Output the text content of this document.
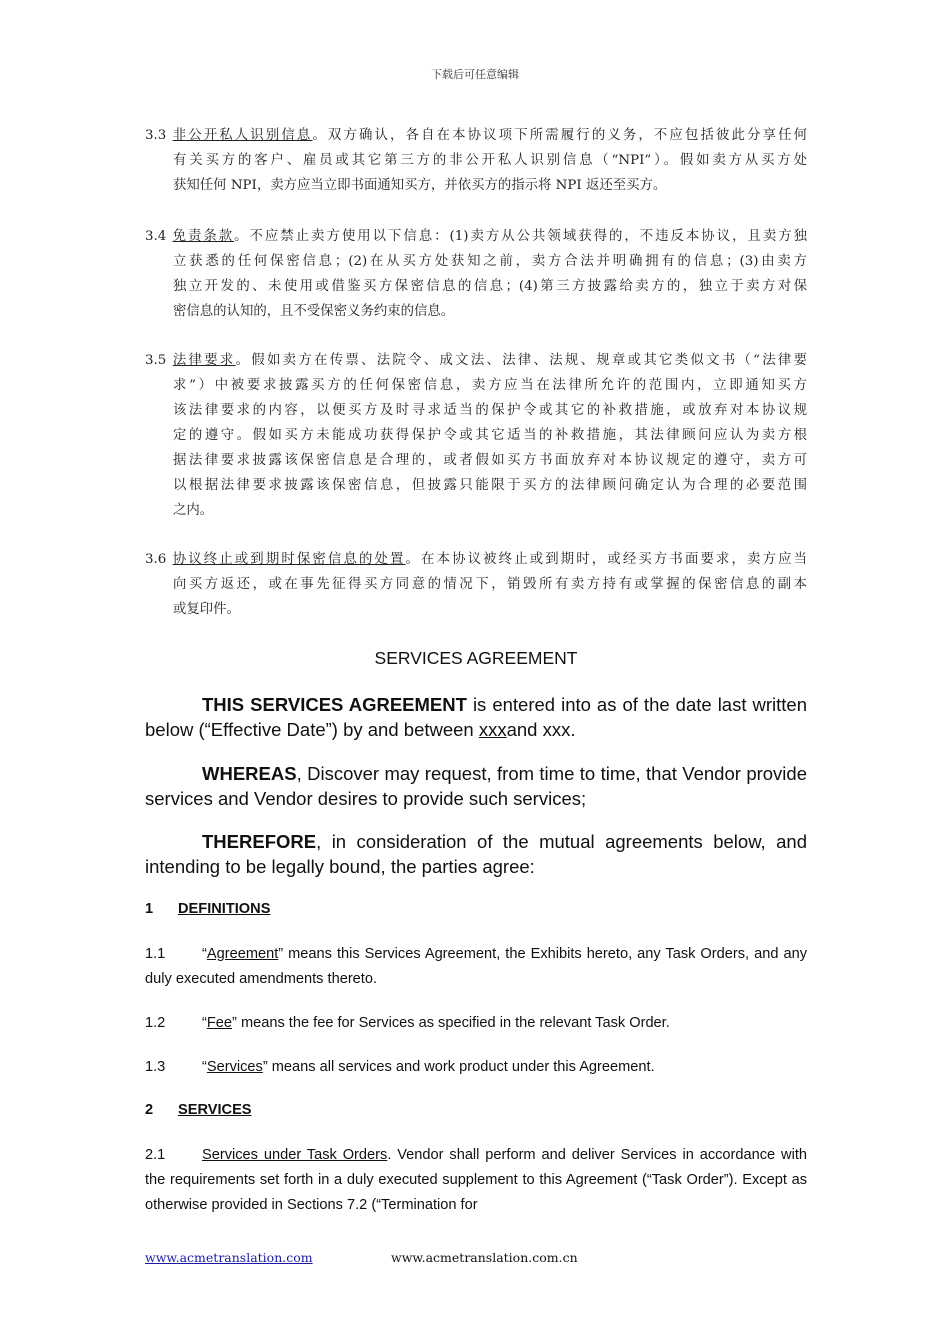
下载后可任意编辑
3.3 非公开私人识别信息。双方确认，各自在本协议项下所需履行的义务，不应包括彼此分享任何
有关买方的客户、雇员或其它第三方的非公开私人识别信息（“NPI”）。假如卖方从买方处
获知任何 NPI，卖方应当立即书面通知买方，并依买方的指示将 NPI 返还至买方。
3.4 免责条款。不应禁止卖方使用以下信息：(1)卖方从公共领域获得的，不违反本协议，且卖方独
立获悉的任何保密信息；(2)在从买方处获知之前，卖方合法并明确拥有的信息；(3)由卖方
独立开发的、未使用或借鉴买方保密信息的信息；(4)第三方披露给卖方的，独立于卖方对保
密信息的认知的，且不受保密义务约束的信息。
3.5 法律要求。假如卖方在传票、法院令、成文法、法律、法规、规章或其它类似文书（“法律要
求”）中被要求披露买方的任何保密信息，卖方应当在法律所允许的范围内，立即通知买方
该法律要求的内容，以便买方及时寻求适当的保护令或其它的补救措施，或放弃对本协议规
定的遵守。假如买方未能成功获得保护令或其它适当的补救措施，其法律顾问应认为卖方根
据法律要求披露该保密信息是合理的，或者假如买方书面放弃对本协议规定的遵守，卖方可
以根据法律要求披露该保密信息，但披露只能限于买方的法律顾问确定认为合理的必要范围
之内。
3.6 协议终止或到期时保密信息的处置。在本协议被终止或到期时，或经买方书面要求，卖方应当
向买方返还，或在事先征得买方同意的情况下，销毁所有卖方持有或掌握的保密信息的副本
或复印件。
SERVICES AGREEMENT
THIS SERVICES AGREEMENT is entered into as of the date last written below (“Effective Date”) by and between xxxand xxx.
WHEREAS, Discover may request, from time to time, that Vendor provide services and Vendor desires to provide such services;
THEREFORE, in consideration of the mutual agreements below, and intending to be legally bound, the parties agree:
1 DEFINITIONS
1.1	“Agreement” means this Services Agreement, the Exhibits hereto, any Task Orders, and any duly executed amendments thereto.
1.2	“Fee” means the fee for Services as specified in the relevant Task Order.
1.3	“Services” means all services and work product under this Agreement.
2 SERVICES
2.1	Services under Task Orders. Vendor shall perform and deliver Services in accordance with the requirements set forth in a duly executed supplement to this Agreement (“Task Order”). Except as otherwise provided in Sections 7.2 (“Termination for
www.acmetranslation.com	www.acmetranslation.com.cn
